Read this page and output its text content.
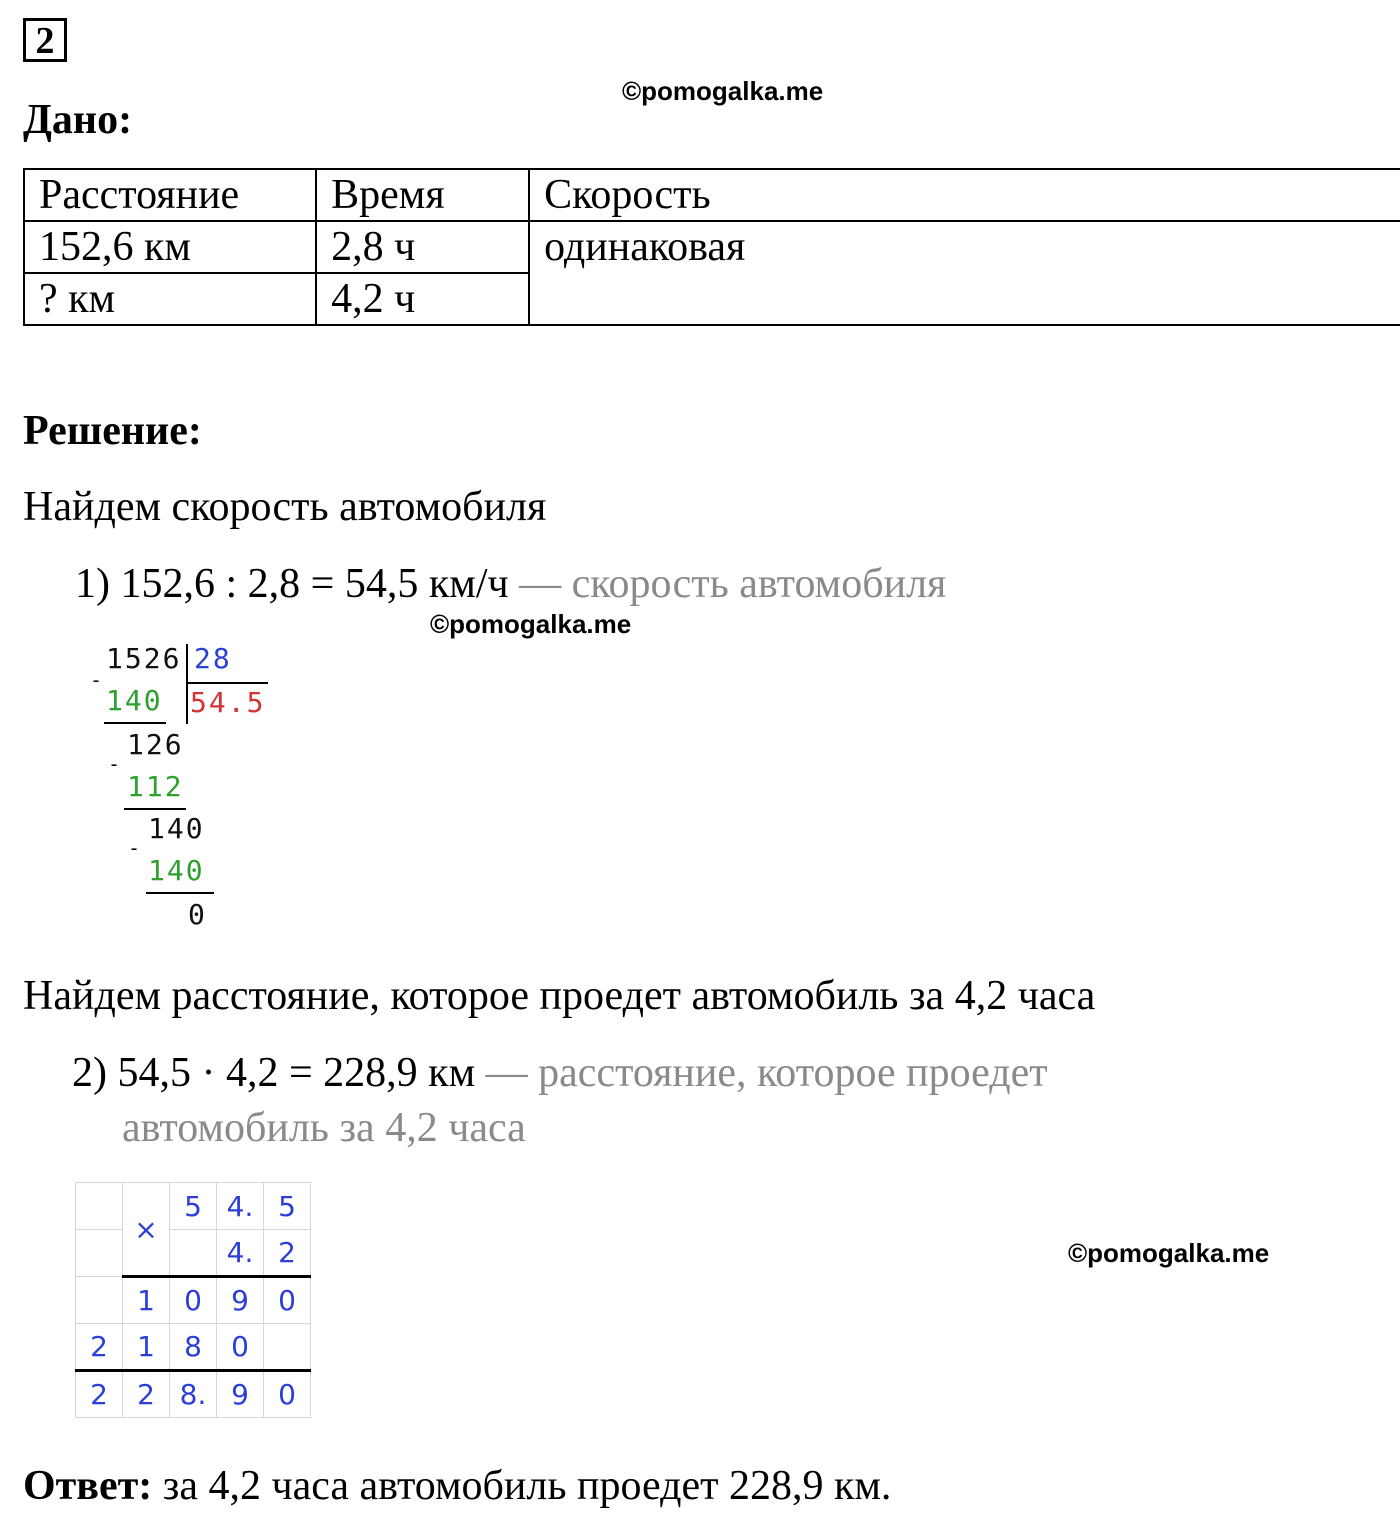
2
©pomogalka.me
©pomogalka.me
©pomogalka.me
Дано:
Расстояние	Время	Скорость
152,6 км	2,8 ч	одинаковая
? км	4,2 ч	
Решение:
Найдем скорость автомобиля
1) 152,6 : 2,8 = 54,5 км/ч — скорость автомобиля
1526 28
54.5
-
140
126
-
112
140
-
140
0
Найдем расстояние, которое проедет автомобиль за 4,2 часа
2) 54,5 · 4,2 = 228,9 км — расстояние, которое проедет
автомобиль за 4,2 часа
	×	5	4.	5
			4.	2
	1	0	9	0
2	1	8	0	
2	2	8.	9	0
Ответ: за 4,2 часа автомобиль проедет 228,9 км.
